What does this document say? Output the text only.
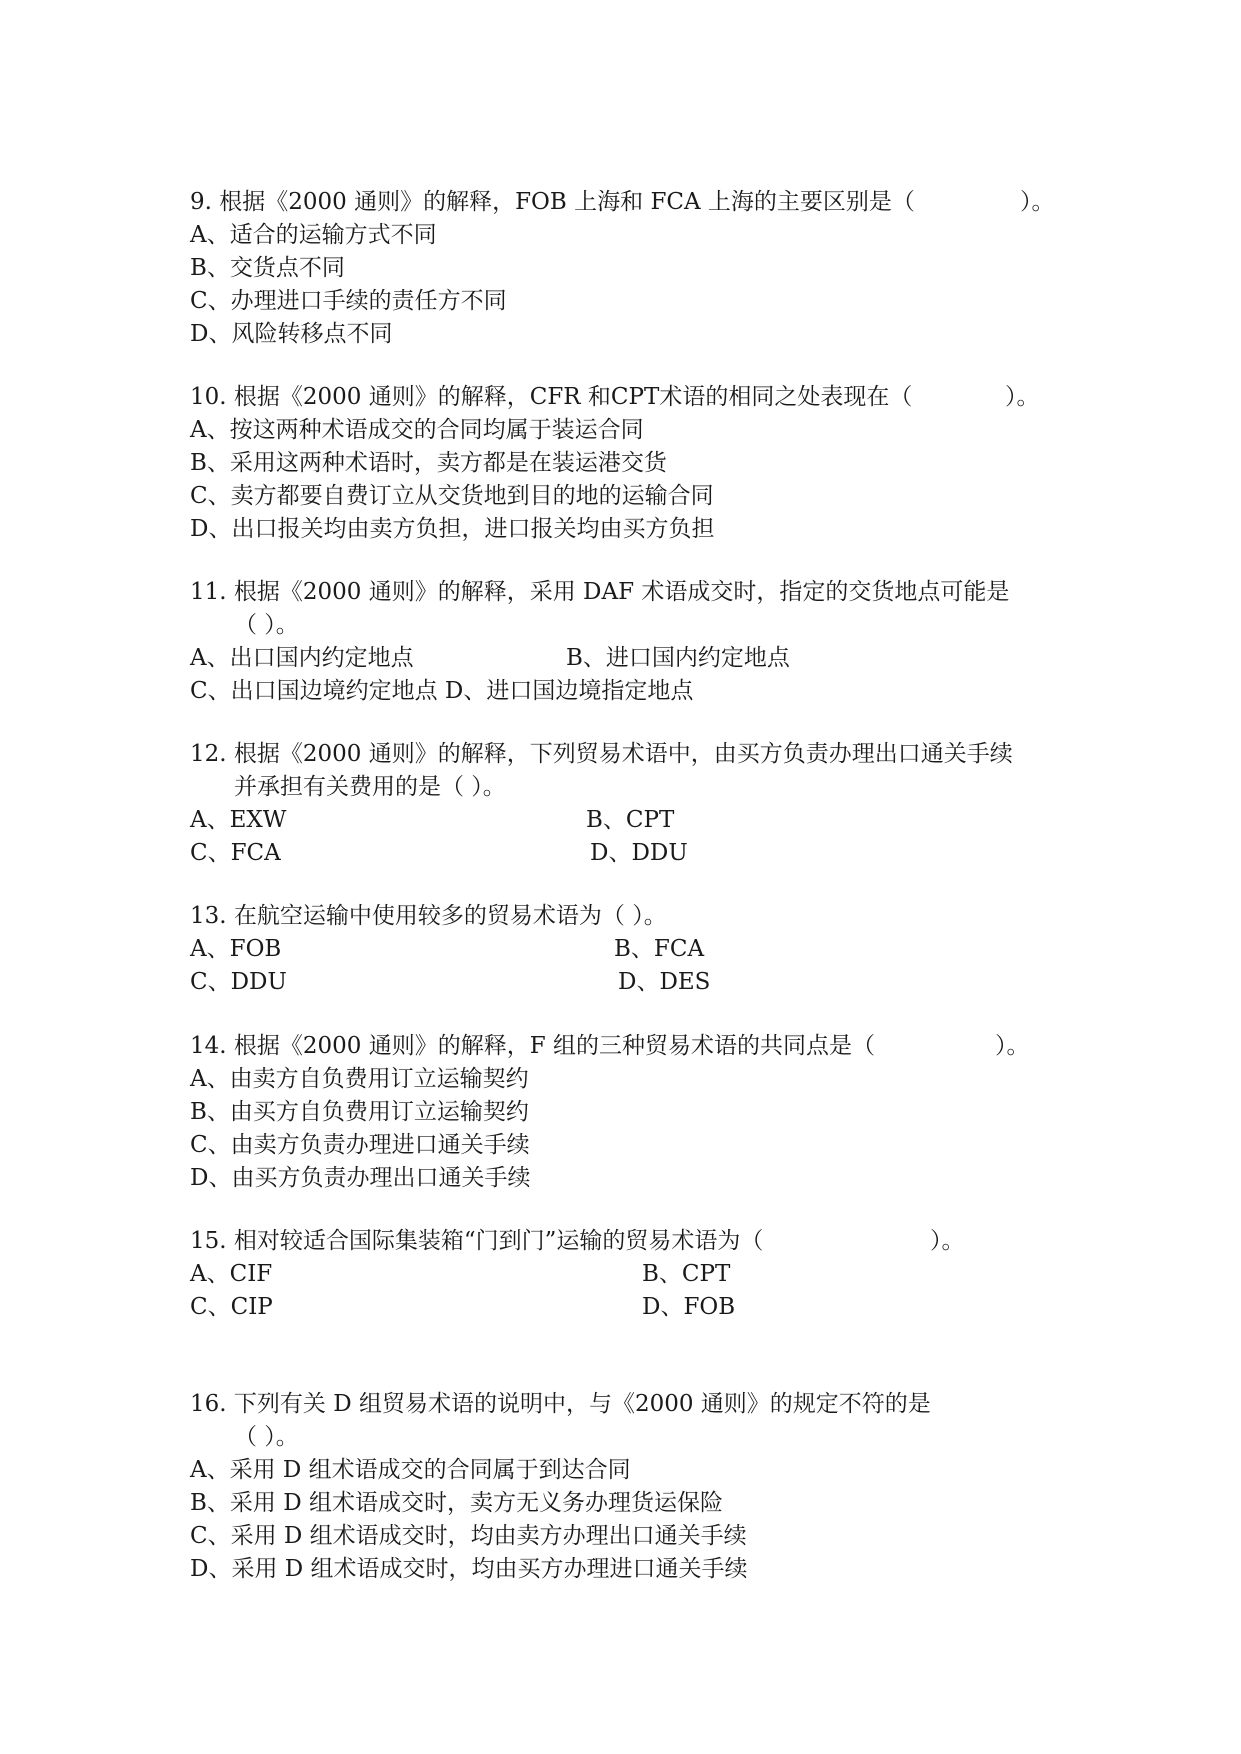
9. 根据《2000 通则》的解释，FOB 上海和 FCA 上海的主要区别是（	）。
A、适合的运输方式不同
B、交货点不同
C、办理进口手续的责任方不同
D、风险转移点不同
10. 根据《2000 通则》的解释，CFR 和CPT术语的相同之处表现在（	）。
A、按这两种术语成交的合同均属于装运合同
B、采用这两种术语时，卖方都是在装运港交货
C、卖方都要自费订立从交货地到目的地的运输合同
D、出口报关均由卖方负担，进口报关均由买方负担
11. 根据《2000 通则》的解释，采用 DAF 术语成交时，指定的交货地点可能是
（ ）。
A、出口国内约定地点	B、进口国内约定地点
C、出口国边境约定地点 D、进口国边境指定地点
12. 根据《2000 通则》的解释，下列贸易术语中，由买方负责办理出口通关手续
并承担有关费用的是（ ）。
A、EXW	B、CPT
C、FCA	D、DDU
13. 在航空运输中使用较多的贸易术语为（ ）。
A、FOB	B、FCA
C、DDU	D、DES
14. 根据《2000 通则》的解释，F 组的三种贸易术语的共同点是（	）。
A、由卖方自负费用订立运输契约
B、由买方自负费用订立运输契约
C、由卖方负责办理进口通关手续
D、由买方负责办理出口通关手续
15. 相对较适合国际集装箱“门到门”运输的贸易术语为（	）。
A、CIF	B、CPT
C、CIP	D、FOB
16. 下列有关 D 组贸易术语的说明中，与《2000 通则》的规定不符的是
（ ）。
A、采用 D 组术语成交的合同属于到达合同
B、采用 D 组术语成交时，卖方无义务办理货运保险
C、采用 D 组术语成交时，均由卖方办理出口通关手续
D、采用 D 组术语成交时，均由买方办理进口通关手续
